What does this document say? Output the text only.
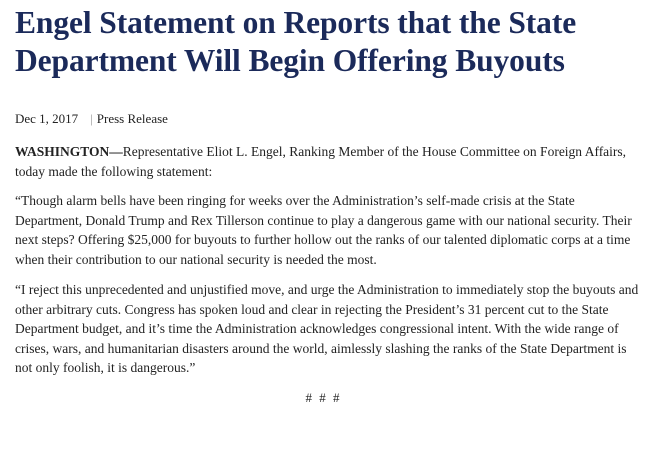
Engel Statement on Reports that the State Department Will Begin Offering Buyouts
Dec 1, 2017 | Press Release

WASHINGTON—Representative Eliot L. Engel, Ranking Member of the House Committee on Foreign Affairs, today made the following statement:

“Though alarm bells have been ringing for weeks over the Administration’s self-made crisis at the State Department, Donald Trump and Rex Tillerson continue to play a dangerous game with our national security. Their next steps? Offering $25,000 for buyouts to further hollow out the ranks of our talented diplomatic corps at a time when their contribution to our national security is needed the most.

“I reject this unprecedented and unjustified move, and urge the Administration to immediately stop the buyouts and other arbitrary cuts. Congress has spoken loud and clear in rejecting the President’s 31 percent cut to the State Department budget, and it’s time the Administration acknowledges congressional intent. With the wide range of crises, wars, and humanitarian disasters around the world, aimlessly slashing the ranks of the State Department is not only foolish, it is dangerous.”

# # #
